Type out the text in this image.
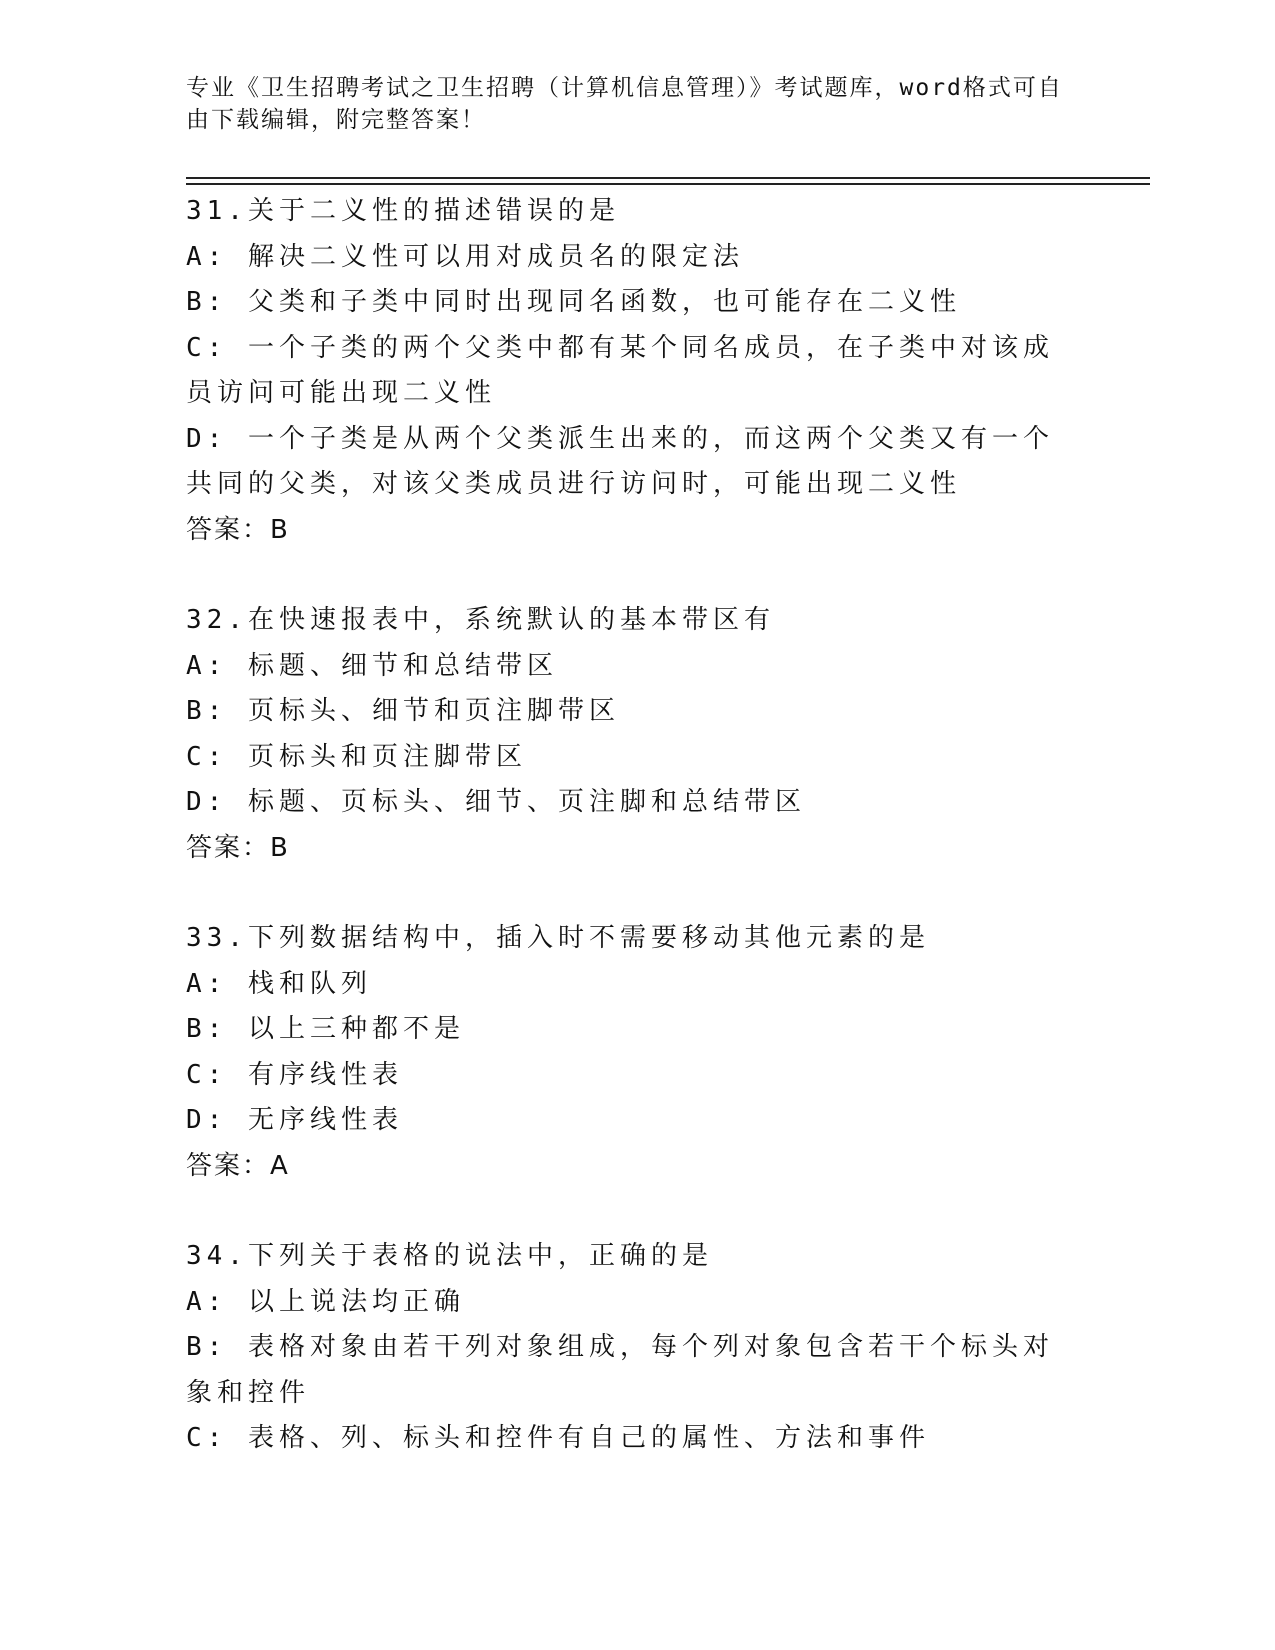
专业《卫生招聘考试之卫生招聘（计算机信息管理）》考试题库，word格式可自由下载编辑，附完整答案！
31.关于二义性的描述错误的是
A: 解决二义性可以用对成员名的限定法
B: 父类和子类中同时出现同名函数，也可能存在二义性
C: 一个子类的两个父类中都有某个同名成员，在子类中对该成员访问可能出现二义性
D: 一个子类是从两个父类派生出来的，而这两个父类又有一个共同的父类，对该父类成员进行访问时，可能出现二义性
答案：B
32.在快速报表中，系统默认的基本带区有
A: 标题、细节和总结带区
B: 页标头、细节和页注脚带区
C: 页标头和页注脚带区
D: 标题、页标头、细节、页注脚和总结带区
答案：B
33.下列数据结构中，插入时不需要移动其他元素的是
A: 栈和队列
B: 以上三种都不是
C: 有序线性表
D: 无序线性表
答案：A
34.下列关于表格的说法中，正确的是
A: 以上说法均正确
B: 表格对象由若干列对象组成，每个列对象包含若干个标头对象和控件
C: 表格、列、标头和控件有自己的属性、方法和事件
